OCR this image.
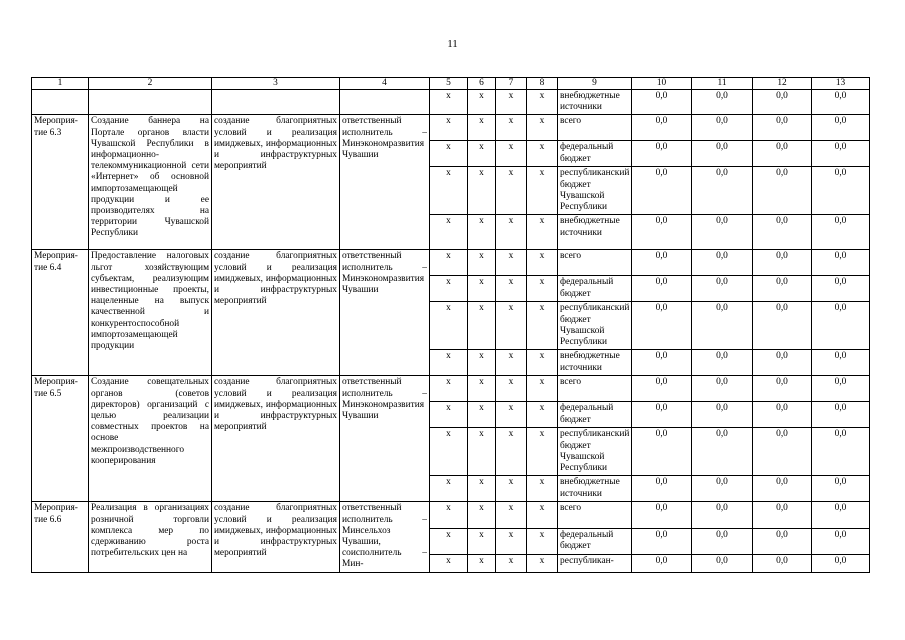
11
1	2	3	4	5	6	7	8	9	10	11	12	13
				x	x	x	x	внебюджетные источники	0,0	0,0	0,0	0,0
Мероприя-тие 6.3	Создание баннера на Портале органов власти Чувашской Республики в информационно-телекоммуникационной сети «Интернет» об основной импортозамещающей продукции и ее производителях на территории Чувашской Республики	создание благоприятных условий и реализация имиджевых, информационных и инфраструктурных мероприятий	ответственный исполнитель – Минэкономразвития Чувашии	x	x	x	x	всего	0,0	0,0	0,0	0,0
				x	x	x	x	федеральный бюджет	0,0	0,0	0,0	0,0
				x	x	x	x	республиканский бюджет Чувашской Республики	0,0	0,0	0,0	0,0
				x	x	x	x	внебюджетные источники	0,0	0,0	0,0	0,0
Мероприя-тие 6.4	Предоставление налоговых льгот хозяйствующим субъектам, реализующим инвестиционные проекты, нацеленные на выпуск качественной и конкурентоспособной импортозамещающей продукции	создание благоприятных условий и реализация имиджевых, информационных и инфраструктурных мероприятий	ответственный исполнитель – Минэкономразвития Чувашии	x	x	x	x	всего	0,0	0,0	0,0	0,0
				x	x	x	x	федеральный бюджет	0,0	0,0	0,0	0,0
				x	x	x	x	республиканский бюджет Чувашской Республики	0,0	0,0	0,0	0,0
				x	x	x	x	внебюджетные источники	0,0	0,0	0,0	0,0
Мероприя-тие 6.5	Создание совещательных органов (советов директоров) организаций с целью реализации совместных проектов на основе межпроизводственного кооперирования	создание благоприятных условий и реализация имиджевых, информационных и инфраструктурных мероприятий	ответственный исполнитель – Минэкономразвития Чувашии	x	x	x	x	всего	0,0	0,0	0,0	0,0
				x	x	x	x	федеральный бюджет	0,0	0,0	0,0	0,0
				x	x	x	x	республиканский бюджет Чувашской Республики	0,0	0,0	0,0	0,0
				x	x	x	x	внебюджетные источники	0,0	0,0	0,0	0,0
Мероприя-тие 6.6	Реализация в организациях розничной торговли комплекса мер по сдерживанию роста потребительских цен на	создание благоприятных условий и реализация имиджевых, информационных и инфраструктурных мероприятий	ответственный исполнитель – Минсельхоз Чувашии, соисполнитель – Мин-	x	x	x	x	всего	0,0	0,0	0,0	0,0
				x	x	x	x	федеральный бюджет	0,0	0,0	0,0	0,0
				x	x	x	x	республикан-	0,0	0,0	0,0	0,0
